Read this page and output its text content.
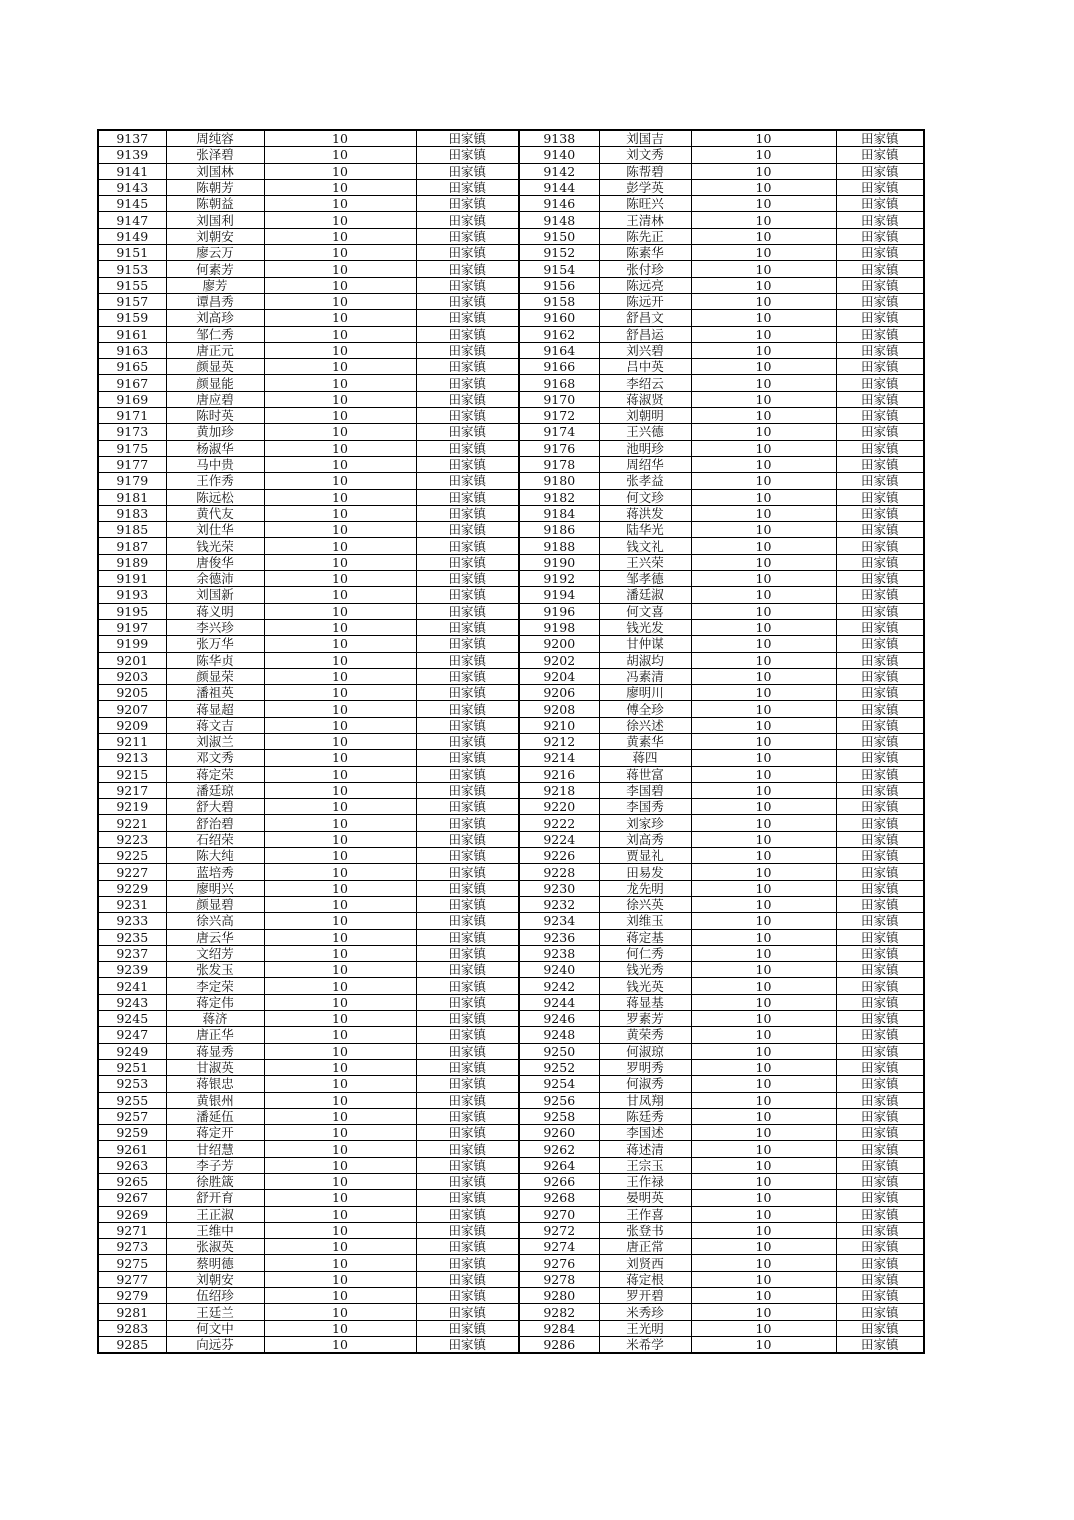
9137	周纯容	10	田家镇	9138	刘国吉	10	田家镇
9139	张泽碧	10	田家镇	9140	刘文秀	10	田家镇
9141	刘国林	10	田家镇	9142	陈帮碧	10	田家镇
9143	陈朝芳	10	田家镇	9144	彭学英	10	田家镇
9145	陈朝益	10	田家镇	9146	陈旺兴	10	田家镇
9147	刘国利	10	田家镇	9148	王清林	10	田家镇
9149	刘朝安	10	田家镇	9150	陈先正	10	田家镇
9151	廖云万	10	田家镇	9152	陈素华	10	田家镇
9153	何素芳	10	田家镇	9154	张付珍	10	田家镇
9155	廖芳	10	田家镇	9156	陈远亮	10	田家镇
9157	谭昌秀	10	田家镇	9158	陈远开	10	田家镇
9159	刘高珍	10	田家镇	9160	舒昌文	10	田家镇
9161	邹仁秀	10	田家镇	9162	舒昌运	10	田家镇
9163	唐正元	10	田家镇	9164	刘兴碧	10	田家镇
9165	颜显英	10	田家镇	9166	吕中英	10	田家镇
9167	颜显能	10	田家镇	9168	李绍云	10	田家镇
9169	唐应碧	10	田家镇	9170	蒋淑贤	10	田家镇
9171	陈时英	10	田家镇	9172	刘朝明	10	田家镇
9173	黄加珍	10	田家镇	9174	王兴德	10	田家镇
9175	杨淑华	10	田家镇	9176	池明珍	10	田家镇
9177	马中贵	10	田家镇	9178	周绍华	10	田家镇
9179	王作秀	10	田家镇	9180	张孝益	10	田家镇
9181	陈远松	10	田家镇	9182	何文珍	10	田家镇
9183	黄代友	10	田家镇	9184	蒋洪发	10	田家镇
9185	刘仕华	10	田家镇	9186	陆华光	10	田家镇
9187	钱光荣	10	田家镇	9188	钱文礼	10	田家镇
9189	唐俊华	10	田家镇	9190	王兴荣	10	田家镇
9191	余德沛	10	田家镇	9192	邹孝德	10	田家镇
9193	刘国新	10	田家镇	9194	潘廷淑	10	田家镇
9195	蒋义明	10	田家镇	9196	何文喜	10	田家镇
9197	李兴珍	10	田家镇	9198	钱光发	10	田家镇
9199	张万华	10	田家镇	9200	甘仲谋	10	田家镇
9201	陈华贞	10	田家镇	9202	胡淑均	10	田家镇
9203	颜显荣	10	田家镇	9204	冯素清	10	田家镇
9205	潘祖英	10	田家镇	9206	廖明川	10	田家镇
9207	蒋显超	10	田家镇	9208	傅全珍	10	田家镇
9209	蒋文吉	10	田家镇	9210	徐兴述	10	田家镇
9211	刘淑兰	10	田家镇	9212	黄素华	10	田家镇
9213	邓文秀	10	田家镇	9214	蒋四	10	田家镇
9215	蒋定荣	10	田家镇	9216	蒋世富	10	田家镇
9217	潘廷琼	10	田家镇	9218	李国碧	10	田家镇
9219	舒大碧	10	田家镇	9220	李国秀	10	田家镇
9221	舒治碧	10	田家镇	9222	刘家珍	10	田家镇
9223	石绍荣	10	田家镇	9224	刘高秀	10	田家镇
9225	陈大纯	10	田家镇	9226	贾显礼	10	田家镇
9227	蓝培秀	10	田家镇	9228	田易发	10	田家镇
9229	廖明兴	10	田家镇	9230	龙先明	10	田家镇
9231	颜显碧	10	田家镇	9232	徐兴英	10	田家镇
9233	徐兴高	10	田家镇	9234	刘维玉	10	田家镇
9235	唐云华	10	田家镇	9236	蒋定基	10	田家镇
9237	文绍芳	10	田家镇	9238	何仁秀	10	田家镇
9239	张发玉	10	田家镇	9240	钱光秀	10	田家镇
9241	李定荣	10	田家镇	9242	钱光英	10	田家镇
9243	蒋定伟	10	田家镇	9244	蒋显基	10	田家镇
9245	蒋济	10	田家镇	9246	罗素芳	10	田家镇
9247	唐正华	10	田家镇	9248	黄荣秀	10	田家镇
9249	蒋显秀	10	田家镇	9250	何淑琼	10	田家镇
9251	甘淑英	10	田家镇	9252	罗明秀	10	田家镇
9253	蒋银忠	10	田家镇	9254	何淑秀	10	田家镇
9255	黄银州	10	田家镇	9256	甘凤翔	10	田家镇
9257	潘延伍	10	田家镇	9258	陈廷秀	10	田家镇
9259	蒋定开	10	田家镇	9260	李国述	10	田家镇
9261	甘绍慧	10	田家镇	9262	蒋述清	10	田家镇
9263	李子芳	10	田家镇	9264	王宗玉	10	田家镇
9265	徐胜箴	10	田家镇	9266	王作禄	10	田家镇
9267	舒开育	10	田家镇	9268	晏明英	10	田家镇
9269	王正淑	10	田家镇	9270	王作喜	10	田家镇
9271	王维中	10	田家镇	9272	张登书	10	田家镇
9273	张淑英	10	田家镇	9274	唐正常	10	田家镇
9275	蔡明德	10	田家镇	9276	刘贤西	10	田家镇
9277	刘朝安	10	田家镇	9278	蒋定根	10	田家镇
9279	伍绍珍	10	田家镇	9280	罗开碧	10	田家镇
9281	王廷兰	10	田家镇	9282	米秀珍	10	田家镇
9283	何文中	10	田家镇	9284	王光明	10	田家镇
9285	向远芬	10	田家镇	9286	米希学	10	田家镇
